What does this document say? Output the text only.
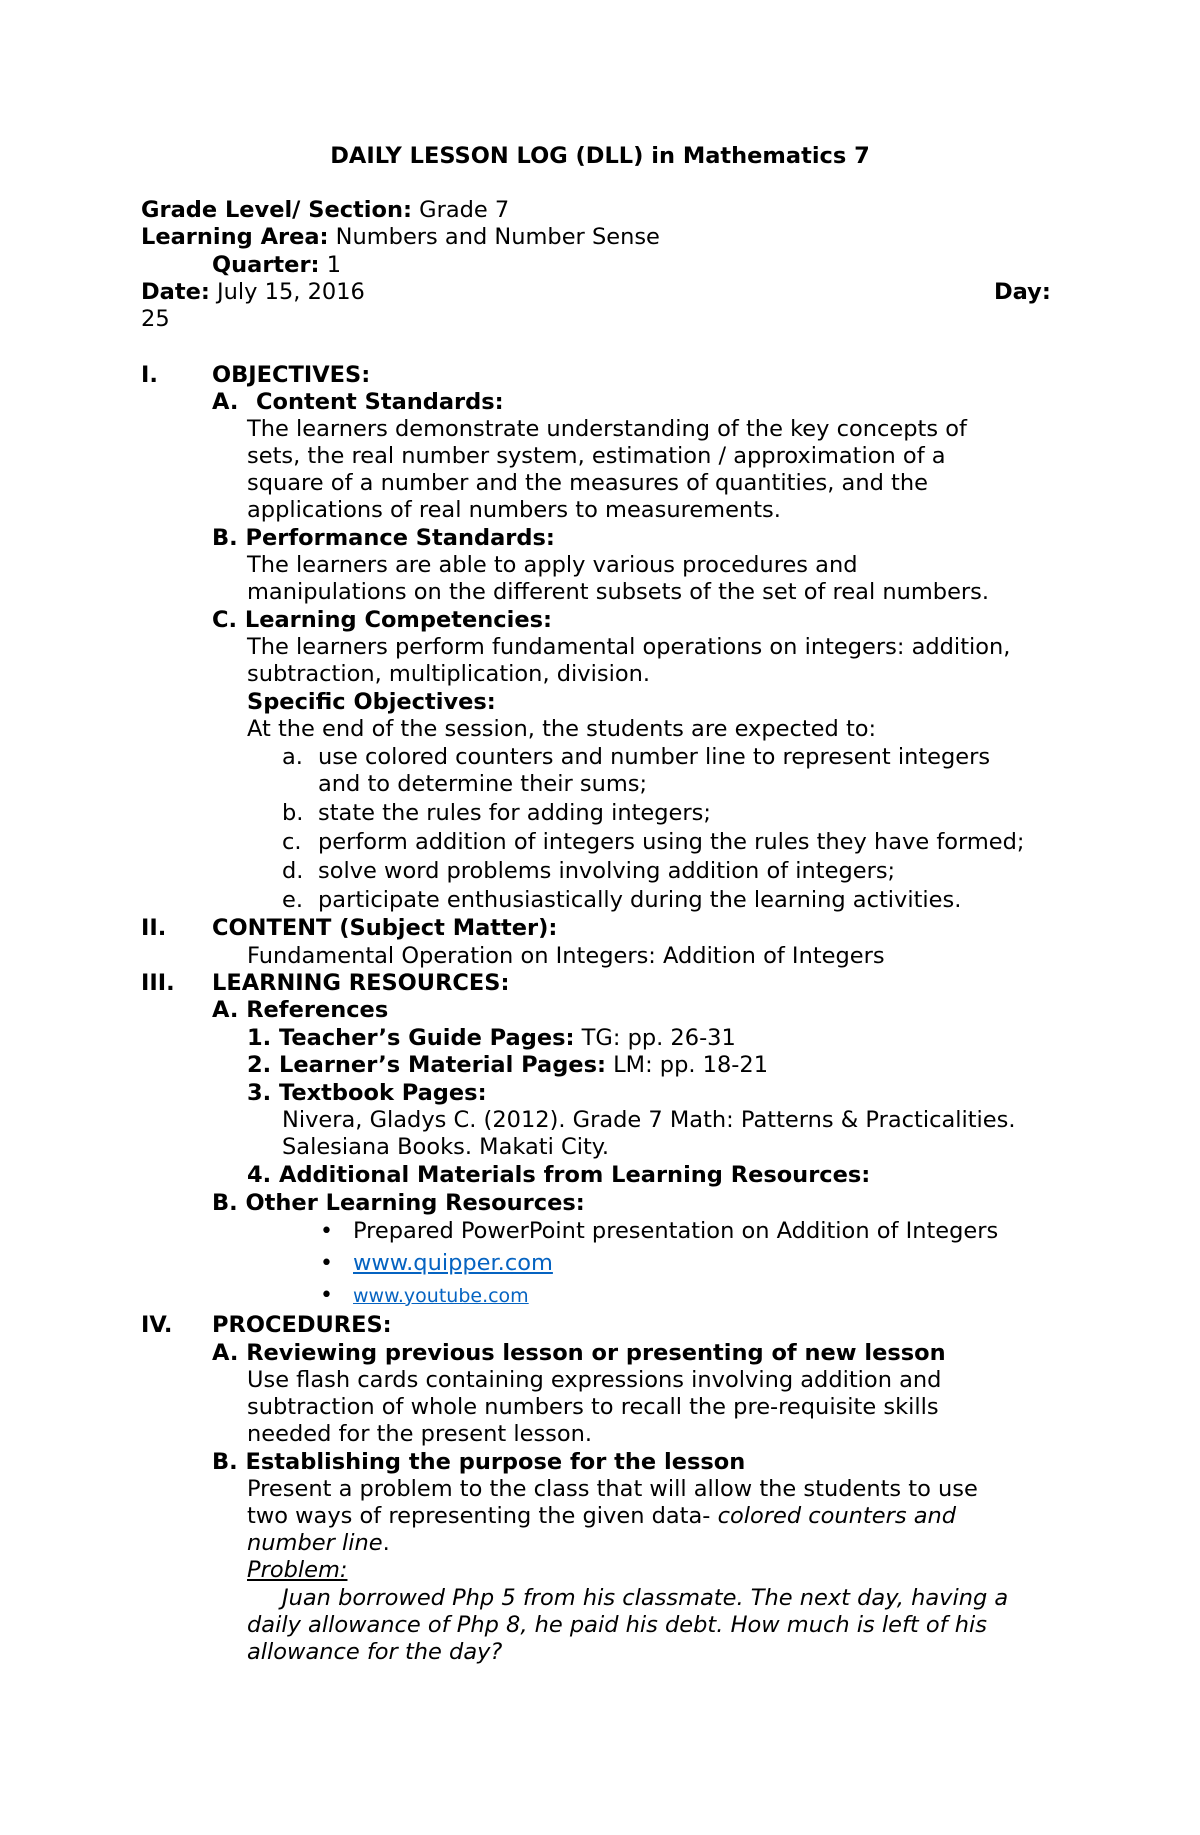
DAILY LESSON LOG (DLL) in Mathematics 7
Grade Level/ Section: Grade 7
Learning Area: Numbers and Number Sense
Quarter: 1
Date: July 15, 2016	Day:
25
I. OBJECTIVES:
A. Content Standards:
The learners demonstrate understanding of the key concepts of
sets, the real number system, estimation / approximation of a
square of a number and the measures of quantities, and the
applications of real numbers to measurements.
B. Performance Standards:
The learners are able to apply various procedures and
manipulations on the different subsets of the set of real numbers.
C. Learning Competencies:
The learners perform fundamental operations on integers: addition,
subtraction, multiplication, division.
Specific Objectives:
At the end of the session, the students are expected to:
a. use colored counters and number line to represent integers
and to determine their sums;
b. state the rules for adding integers;
c. perform addition of integers using the rules they have formed;
d. solve word problems involving addition of integers;
e. participate enthusiastically during the learning activities.
II. CONTENT (Subject Matter):
Fundamental Operation on Integers: Addition of Integers
III. LEARNING RESOURCES:
A. References
1. Teacher’s Guide Pages: TG: pp. 26-31
2. Learner’s Material Pages: LM: pp. 18-21
3. Textbook Pages:
Nivera, Gladys C. (2012). Grade 7 Math: Patterns & Practicalities.
Salesiana Books. Makati City.
4. Additional Materials from Learning Resources:
B. Other Learning Resources:
• Prepared PowerPoint presentation on Addition of Integers
• www.quipper.com
• www.youtube.com
IV. PROCEDURES:
A. Reviewing previous lesson or presenting of new lesson
Use flash cards containing expressions involving addition and
subtraction of whole numbers to recall the pre-requisite skills
needed for the present lesson.
B. Establishing the purpose for the lesson
Present a problem to the class that will allow the students to use
two ways of representing the given data- colored counters and
number line.
Problem:
Juan borrowed Php 5 from his classmate. The next day, having a
daily allowance of Php 8, he paid his debt. How much is left of his
allowance for the day?
